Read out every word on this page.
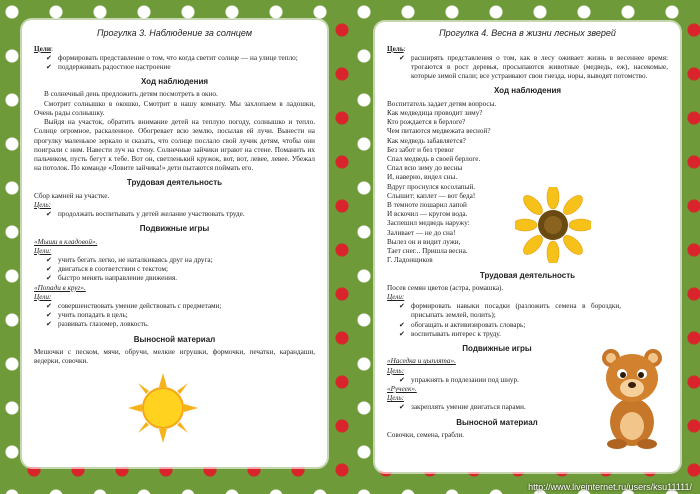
Прогулка 3. Наблюдение за солнцем
Цели:
✔ формировать представление о том, что когда светит солнце — на улице тепло;
✔ поддерживать радостное настроение
Ход наблюдения

В солнечный день предложить детям посмотреть в окно.

Смотрит солнышко в окошко, Смотрит в нашу комнату. Мы захлопаем в ладошки, Очень рады солнышку.

Выйдя на участок, обратить внимание детей на теплую погоду, солнышко и тепло. Солнце огромное, раскаленное. Обогревает всю землю, посылая ей лучи. Вынести на прогулку маленькое зеркало и сказать, что солнце послало свой лучик детям, чтобы они поиграли с ним. Навести луч на стену. Солнечные зайчики играют на стене. Поманить их пальчиком, пусть бегут к тебе. Вот он, светленький кружок, вот, вот, левее, левее. Убежал на потолок. По команде «Ловите зайчика!» дети пытаются поймать его.

Трудовая деятельность
Сбор камней на участке.
Цель:
✔ продолжать воспитывать у детей желание участвовать труде.
Подвижные игры
«Мыши в кладовой».
Цели:
✔ учить бегать легко, не наталкиваясь друг на друга;
✔ двигаться в соответствии с текстом;
✔ быстро менять направление движения.
«Попади в круг».
Цели:
✔ совершенствовать умение действовать с предметами;
✔ учить попадать в цель;
✔ развивать глазомер, ловкость.
Выносной материал
Мешочки с песком, мячи, обручи, мелкие игрушки, формочки, печатки, карандаши, ведерки, совочки.
Прогулка 4. Весна в жизни лесных зверей
Цель:
✔ расширять представления о том, как в лесу оживает жизнь в весеннее время: трогаются в рост деревья, просыпаются животные (медведь, еж), насекомые, которые зимой спали; все устраивают свои гнезда, норы, выводят потомство.
Ход наблюдения

Воспитатель задает детям вопросы.

Как медведица проводит зиму?

Кто рождается в берлоге?

Чем питаются медвежата весной?

Как медведь забавляется?

Без забот и без тревог

Спал медведь в своей берлоге.

Спал всю зиму до весны

И, наверно, видел сны.

Вдруг проснулся косолапый.

Слышит: каплет — вот беда!

В темноте пошарил лапой

И вскочил — кругом вода.

Заспешил медведь наружу:

Заливает — не до сна!

Вылез он и видит лужи,

Тает снег... Пришла весна.

Г. Ладонщиков

Трудовая деятельность
Посев семян цветов (астра, ромашка).
Цели:
✔ формировать навыки посадки (разложить семена в бороздки, присыпать землей, полить);
✔ обогащать и активизировать словарь;
✔ воспитывать интерес к труду.
Подвижные игры
«Наседка и цыплята».
Цель:
✔ упражнять в подлезании под шнур.
«Ручеек».
Цель:
✔ закреплять умение двигаться парами.
Выносной материал
Совочки, семена, грабли.
http://www.liveinternet.ru/users/ksu11111/
